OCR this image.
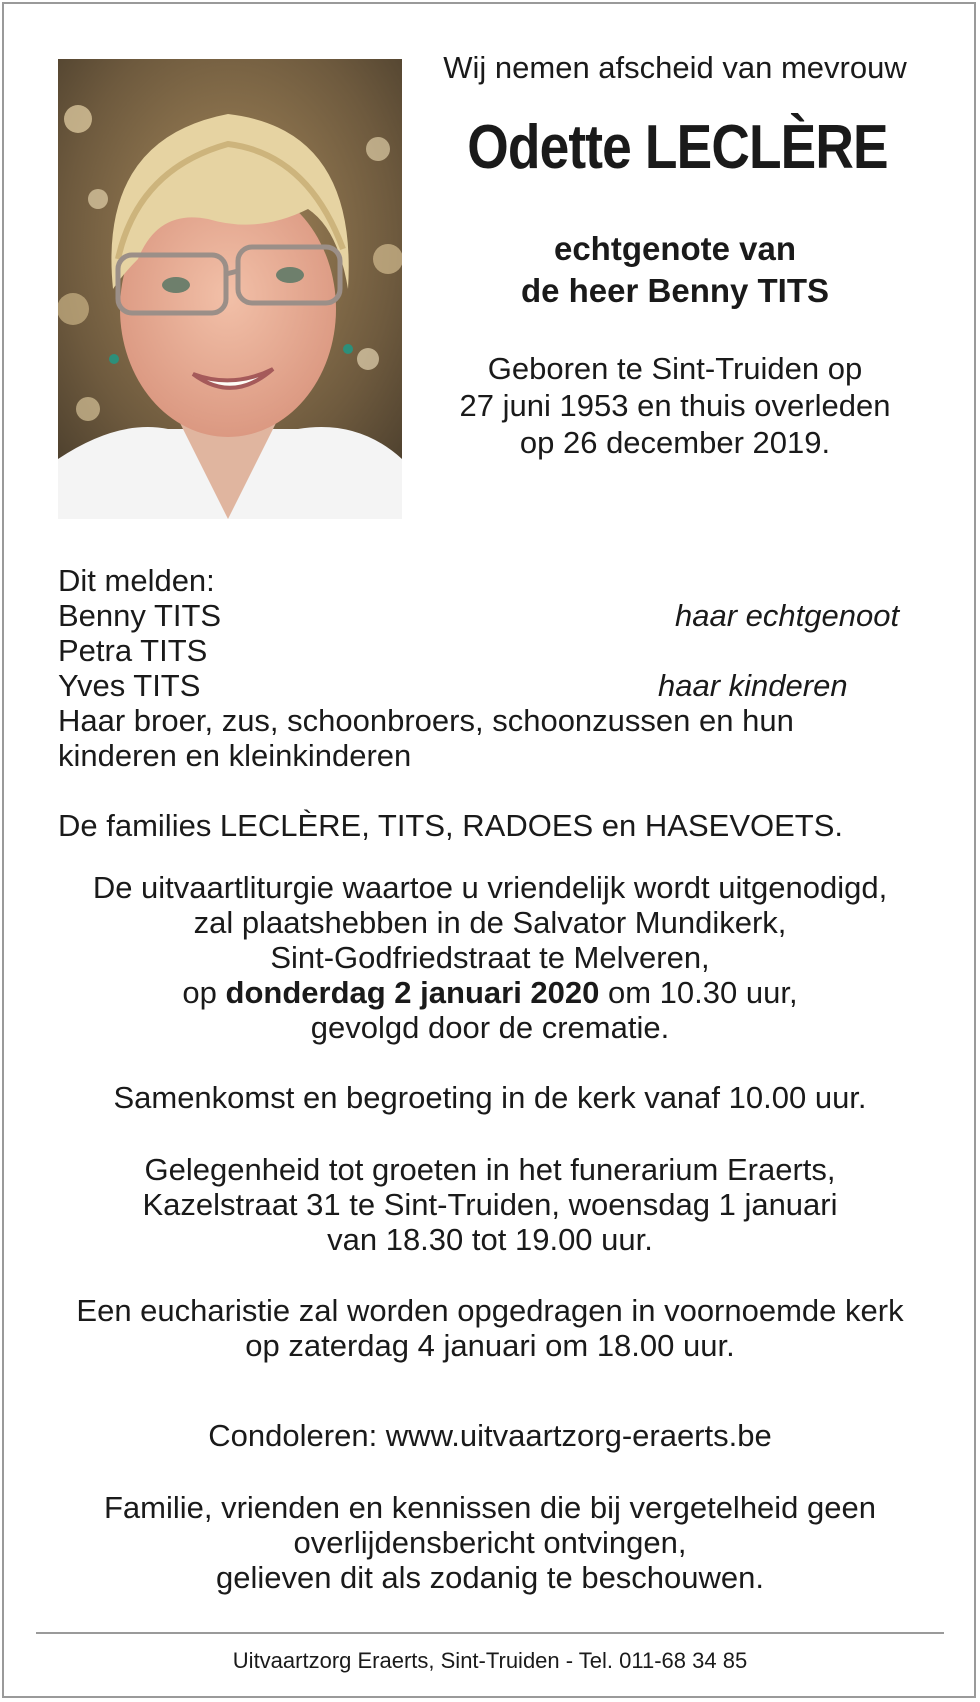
Wij nemen afscheid van mevrouw
Odette LECLÈRE
echtgenote van
de heer Benny TITS
Geboren te Sint-Truiden op
27 juni 1953 en thuis overleden
op 26 december 2019.
Dit melden:
Benny TITS	haar echtgenoot
Petra TITS
Yves TITS	haar kinderen
Haar broer, zus, schoonbroers, schoonzussen en hun
kinderen en kleinkinderen
De families LECLÈRE, TITS, RADOES en HASEVOETS.
De uitvaartliturgie waartoe u vriendelijk wordt uitgenodigd,
zal plaatshebben in de Salvator Mundikerk,
Sint-Godfriedstraat te Melveren,
op donderdag 2 januari 2020 om 10.30 uur,
gevolgd door de crematie.
Samenkomst en begroeting in de kerk vanaf 10.00 uur.
Gelegenheid tot groeten in het funerarium Eraerts,
Kazelstraat 31 te Sint-Truiden, woensdag 1 januari
van 18.30 tot 19.00 uur.
Een eucharistie zal worden opgedragen in voornoemde kerk
op zaterdag 4 januari om 18.00 uur.
Condoleren: www.uitvaartzorg-eraerts.be
Familie, vrienden en kennissen die bij vergetelheid geen
overlijdensbericht ontvingen,
gelieven dit als zodanig te beschouwen.
Uitvaartzorg Eraerts, Sint-Truiden - Tel. 011-68 34 85
